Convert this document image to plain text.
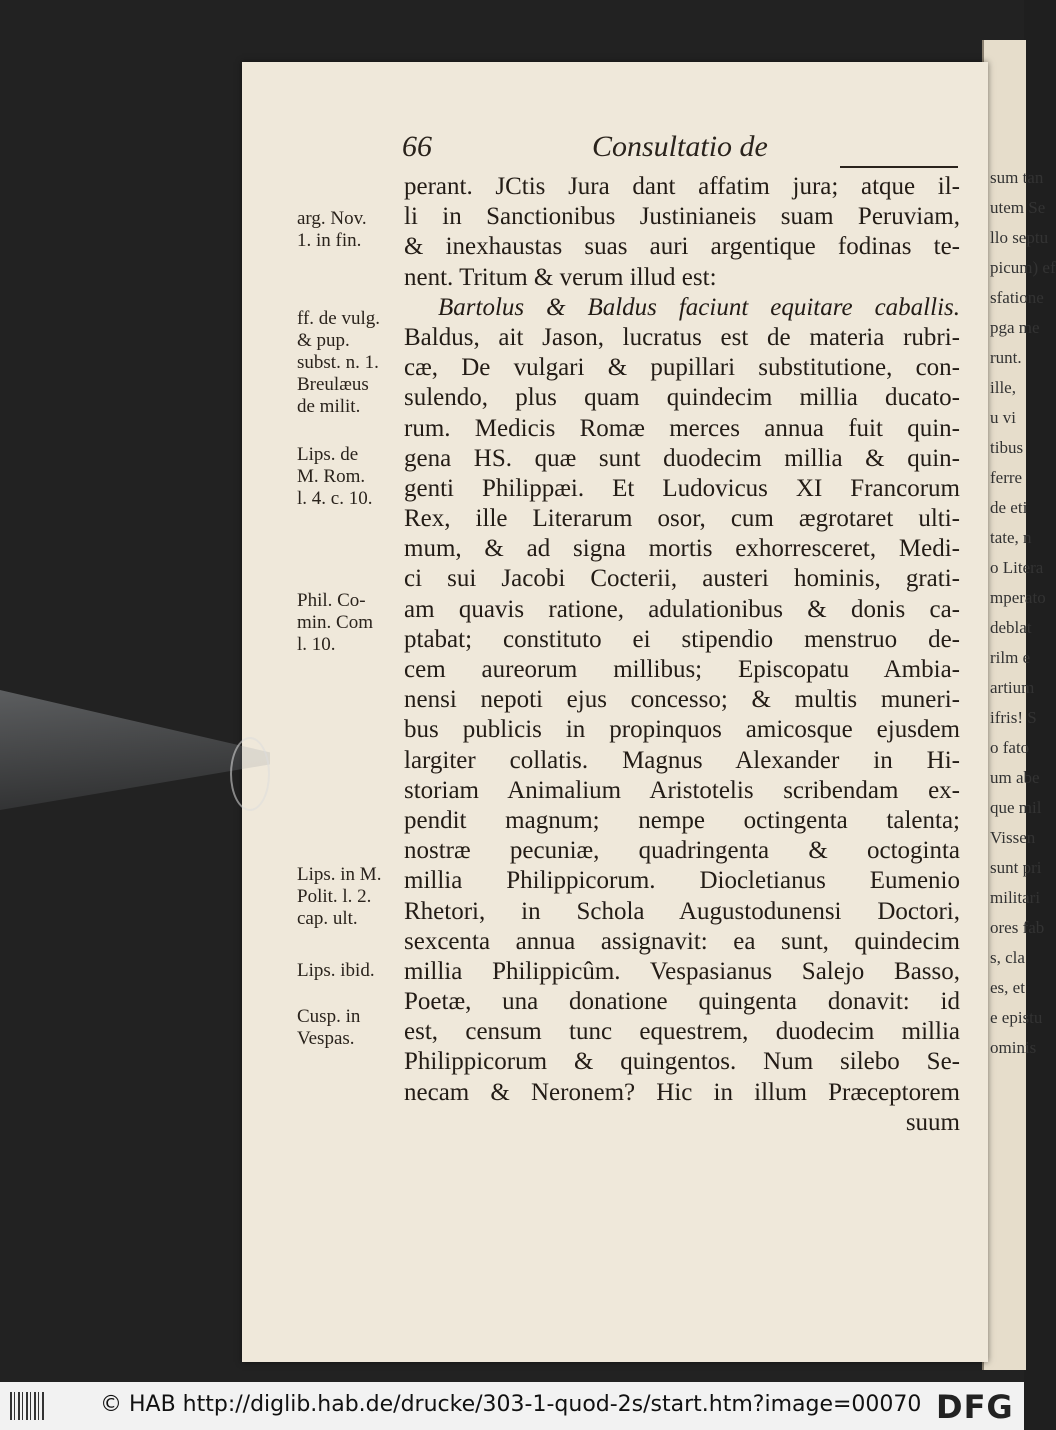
sum tan
utem Se
llo septu
picum) ef
sfatione
pga me
runt.
ille,
u vi
tibus
ferre
de eti
tate, n
o Litera
mperato
deblat
rilm e
artium
ifris! S
o fato
um abe
que mil
Vissen
sunt pri
militari
ores fab
s, cla
es, et
e epistu
ominis
66	Consultatio de
arg. Nov.
1. in fin.
ff. de vulg.
& pup.
subst. n. 1.
Breulæus
de milit.
Lips. de
M. Rom.
l. 4. c. 10.
Phil. Co-
min. Com
l. 10.
Lips. in M.
Polit. l. 2.
cap. ult.
Lips. ibid.
Cusp. in
Vespas.
perant. JCtis Jura dant affatim jura; atque il-
li in Sanctionibus Justinianeis suam Peruviam,
& inexhaustas suas auri argentique fodinas te-
nent. Tritum & verum illud est:
Bartolus & Baldus faciunt equitare caballis.
Baldus, ait Jason, lucratus est de materia rubri-
cæ, De vulgari & pupillari substitutione, con-
sulendo, plus quam quindecim millia ducato-
rum. Medicis Romæ merces annua fuit quin-
gena HS. quæ sunt duodecim millia & quin-
genti Philippæi. Et Ludovicus XI Francorum
Rex, ille Literarum osor, cum ægrotaret ulti-
mum, & ad signa mortis exhorresceret, Medi-
ci sui Jacobi Cocterii, austeri hominis, grati-
am quavis ratione, adulationibus & donis ca-
ptabat; constituto ei stipendio menstruo de-
cem aureorum millibus; Episcopatu Ambia-
nensi nepoti ejus concesso; & multis muneri-
bus publicis in propinquos amicosque ejusdem
largiter collatis. Magnus Alexander in Hi-
storiam Animalium Aristotelis scribendam ex-
pendit magnum; nempe octingenta talenta;
nostræ pecuniæ, quadringenta & octoginta
millia Philippicorum. Diocletianus Eumenio
Rhetori, in Schola Augustodunensi Doctori,
sexcenta annua assignavit: ea sunt, quindecim
millia Philippicûm. Vespasianus Salejo Basso,
Poetæ, una donatione quingenta donavit: id
est, censum tunc equestrem, duodecim millia
Philippicorum & quingentos. Num silebo Se-
necam & Neronem? Hic in illum Præceptorem
suum
© HAB http://diglib.hab.de/drucke/303-1-quod-2s/start.htm?image=00070 DFG
